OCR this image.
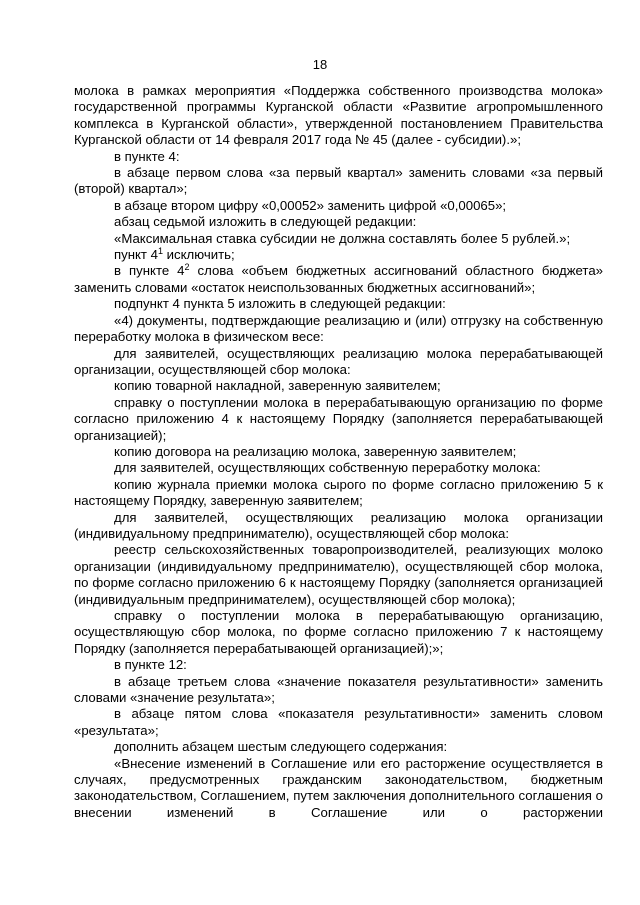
18

молока в рамках мероприятия «Поддержка собственного производства молока» государственной программы Курганской области «Развитие агропромышленного комплекса в Курганской области», утвержденной постановлением Правительства Курганской области от 14 февраля 2017 года № 45 (далее - субсидии).»;

в пункте 4:

в абзаце первом слова «за первый квартал» заменить словами «за первый (второй) квартал»;

в абзаце втором цифру «0,00052» заменить цифрой «0,00065»;

абзац седьмой изложить в следующей редакции:

«Максимальная ставка субсидии не должна составлять более 5 рублей.»;

пункт $4^1$ исключить;

в пункте $4^2$ слова «объем бюджетных ассигнований областного бюджета» заменить словами «остаток неиспользованных бюджетных ассигнований»;

подпункт 4 пункта 5 изложить в следующей редакции:

«4) документы, подтверждающие реализацию и (или) отгрузку на собственную переработку молока в физическом весе:

для заявителей, осуществляющих реализацию молока перерабатывающей организации, осуществляющей сбор молока:

копию товарной накладной, заверенную заявителем;

справку о поступлении молока в перерабатывающую организацию по форме согласно приложению 4 к настоящему Порядку (заполняется перерабатывающей организацией);

копию договора на реализацию молока, заверенную заявителем;

для заявителей, осуществляющих собственную переработку молока:

копию журнала приемки молока сырого по форме согласно приложению 5 к настоящему Порядку, заверенную заявителем;

для заявителей, осуществляющих реализацию молока организации (индивидуальному предпринимателю), осуществляющей сбор молока:

реестр сельскохозяйственных товаропроизводителей, реализующих молоко организации (индивидуальному предпринимателю), осуществляющей сбор молока, по форме согласно приложению 6 к настоящему Порядку (заполняется организацией (индивидуальным предпринимателем), осуществляющей сбор молока);

справку о поступлении молока в перерабатывающую организацию, осуществляющую сбор молока, по форме согласно приложению 7 к настоящему Порядку (заполняется перерабатывающей организацией);»;

в пункте 12:

в абзаце третьем слова «значение показателя результативности» заменить словами «значение результата»;

в абзаце пятом слова «показателя результативности» заменить словом «результата»;

дополнить абзацем шестым следующего содержания:

«Внесение изменений в Соглашение или его расторжение осуществляется в случаях, предусмотренных гражданским законодательством, бюджетным законодательством, Соглашением, путем заключения дополнительного соглашения о внесении изменений в Соглашение или о расторжении
